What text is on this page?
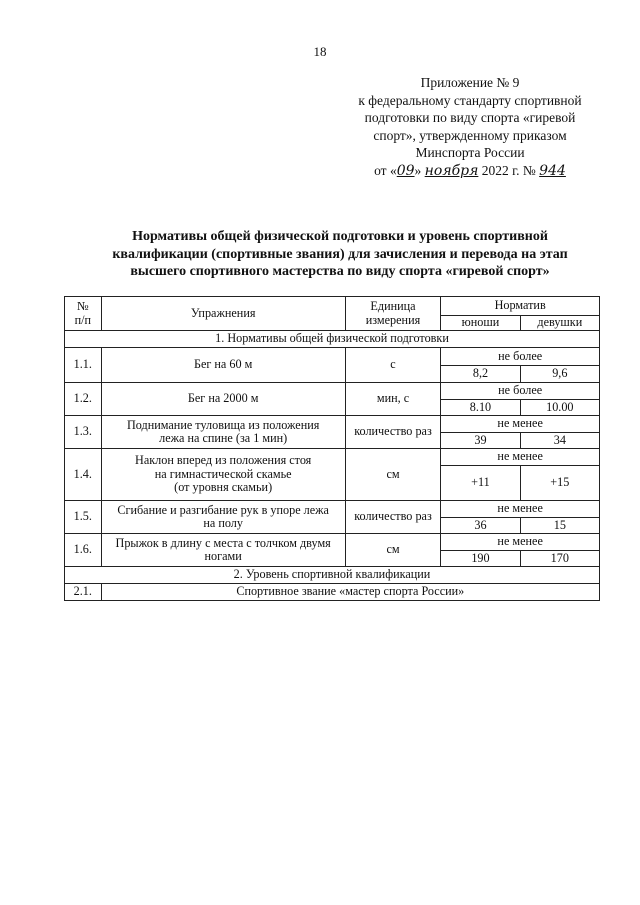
18
Приложение № 9
к федеральному стандарту спортивной
подготовки по виду спорта «гиревой
спорт», утвержденному приказом
Минспорта России
от «09» ноября 2022 г. № 944
Нормативы общей физической подготовки и уровень спортивной
квалификации (спортивные звания) для зачисления и перевода на этап
высшего спортивного мастерства по виду спорта «гиревой спорт»
№
п/п	Упражнения	Единица
измерения	Норматив	
			юноши	девушки
1. Нормативы общей физической подготовки				
1.1.	Бег на 60 м	с	не более	
			8,2	9,6
1.2.	Бег на 2000 м	мин, с	не более	
			8.10	10.00
1.3.	Поднимание туловища из положения
лежа на спине (за 1 мин)	количество раз	не менее	
			39	34
1.4.	Наклон вперед из положения стоя
на гимнастической скамье
(от уровня скамьи)	см	не менее	
			+11	+15
1.5.	Сгибание и разгибание рук в упоре лежа
на полу	количество раз	не менее	
			36	15
1.6.	Прыжок в длину с места с толчком двумя
ногами	см	не менее	
			190	170
2. Уровень спортивной квалификации				
2.1.	Спортивное звание «мастер спорта России»			
